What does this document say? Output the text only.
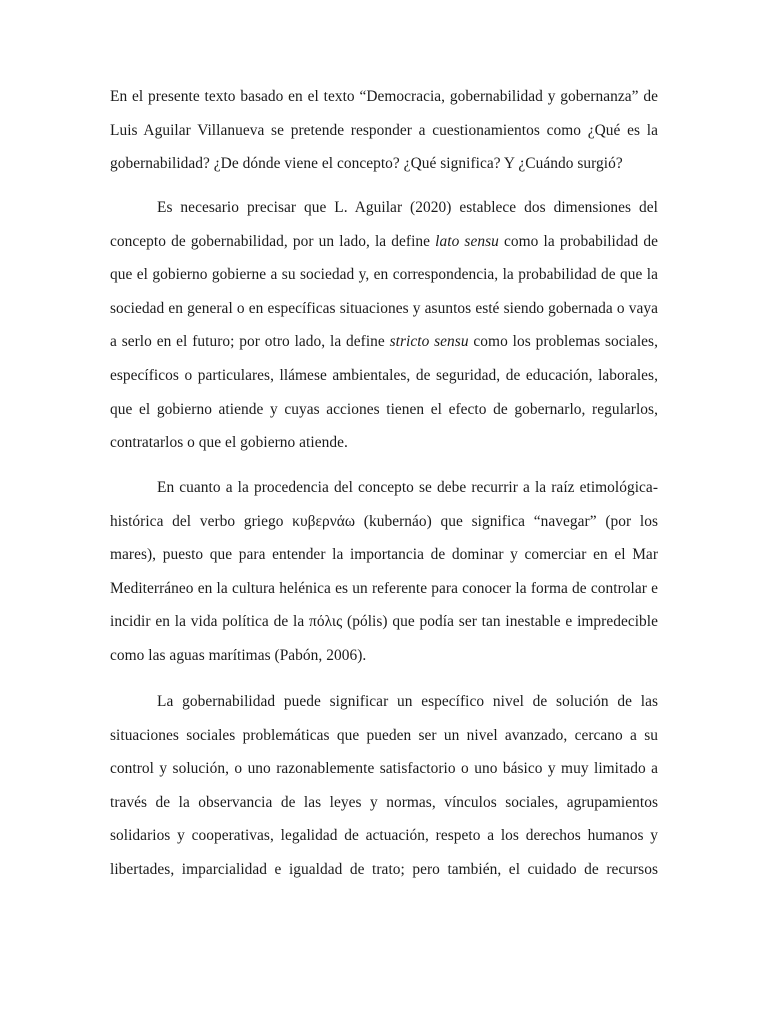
En el presente texto basado en el texto “Democracia, gobernabilidad y gobernanza” de
Luis Aguilar Villanueva se pretende responder a cuestionamientos como ¿Qué es la
gobernabilidad? ¿De dónde viene el concepto? ¿Qué significa? Y ¿Cuándo surgió?

Es necesario precisar que L. Aguilar (2020) establece dos dimensiones del
concepto de gobernabilidad, por un lado, la define lato sensu como la probabilidad de
que el gobierno gobierne a su sociedad y, en correspondencia, la probabilidad de que la
sociedad en general o en específicas situaciones y asuntos esté siendo gobernada o vaya
a serlo en el futuro; por otro lado, la define stricto sensu como los problemas sociales,
específicos o particulares, llámese ambientales, de seguridad, de educación, laborales,
que el gobierno atiende y cuyas acciones tienen el efecto de gobernarlo, regularlos,
contratarlos o que el gobierno atiende.

En cuanto a la procedencia del concepto se debe recurrir a la raíz etimológica-
histórica del verbo griego κυβερνάω (kubernáo) que significa “navegar” (por los
mares), puesto que para entender la importancia de dominar y comerciar en el Mar
Mediterráneo en la cultura helénica es un referente para conocer la forma de controlar e
incidir en la vida política de la πόλις (pólis) que podía ser tan inestable e impredecible
como las aguas marítimas (Pabón, 2006).

La gobernabilidad puede significar un específico nivel de solución de las
situaciones sociales problemáticas que pueden ser un nivel avanzado, cercano a su
control y solución, o uno razonablemente satisfactorio o uno básico y muy limitado a
través de la observancia de las leyes y normas, vínculos sociales, agrupamientos
solidarios y cooperativas, legalidad de actuación, respeto a los derechos humanos y
libertades, imparcialidad e igualdad de trato; pero también, el cuidado de recursos
